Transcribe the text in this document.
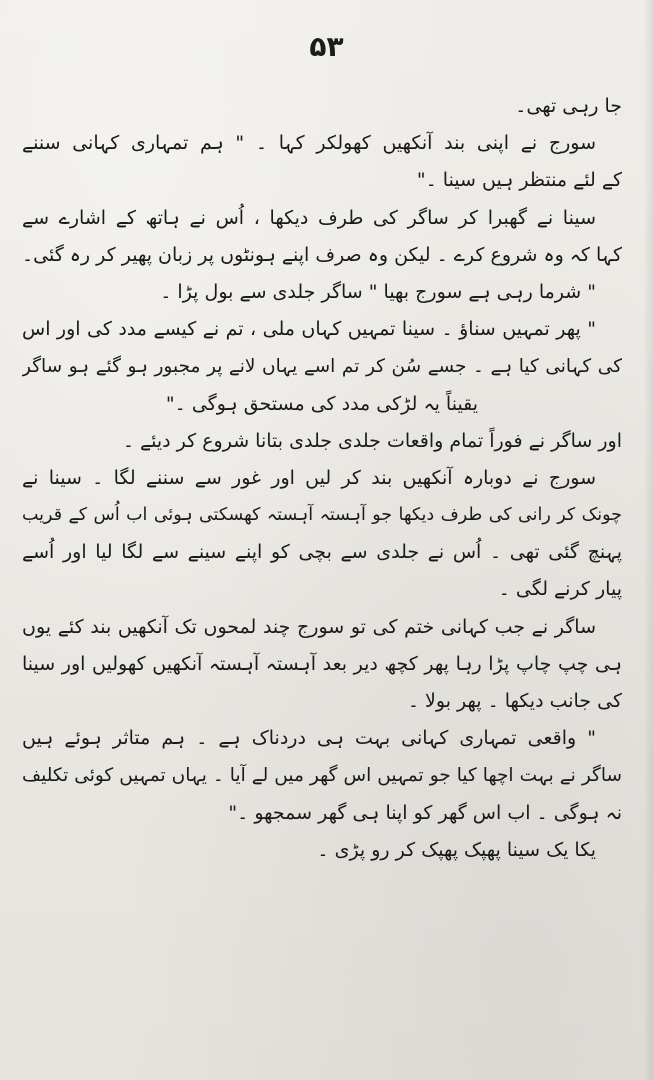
۵۳
جا رہی تھی۔
سورج نے اپنی بند آنکھیں کھولکر کہا ۔ " ہم تمہاری کہانی سننے
کے لئے منتظر ہیں سینا ۔"
سینا نے گھبرا کر ساگر کی طرف دیکھا ، اُس نے ہاتھ کے اشارے سے
کہا کہ وہ شروع کرے ۔ لیکن وہ صرف اپنے ہونٹوں پر زبان پھیر کر رہ گئی۔
" شرما رہی ہے سورج بھیا " ساگر جلدی سے بول پڑا ۔
" پھر تمہیں سناؤ ۔ سینا تمہیں کہاں ملی ، تم نے کیسے مدد کی اور اس
کی کہانی کیا ہے ۔ جسے سُن کر تم اسے یہاں لانے پر مجبور ہو گئے ہو ساگر
یقیناً یہ لڑکی مدد کی مستحق ہوگی ۔"
اور ساگر نے فوراً تمام واقعات جلدی جلدی بتانا شروع کر دیئے ۔
سورج نے دوبارہ آنکھیں بند کر لیں اور غور سے سننے لگا ۔ سینا نے
چونک کر رانی کی طرف دیکھا جو آہستہ آہستہ کھسکتی ہوئی اب اُس کے قریب
پہنچ گئی تھی ۔ اُس نے جلدی سے بچی کو اپنے سینے سے لگا لیا اور اُسے
پیار کرنے لگی ۔
ساگر نے جب کہانی ختم کی تو سورج چند لمحوں تک آنکھیں بند کئے یوں
ہی چپ چاپ پڑا رہا پھر کچھ دیر بعد آہستہ آہستہ آنکھیں کھولیں اور سینا
کی جانب دیکھا ۔ پھر بولا ۔
" واقعی تمہاری کہانی بہت ہی دردناک ہے ۔ ہم متاثر ہوئے ہیں
ساگر نے بہت اچھا کیا جو تمہیں اس گھر میں لے آیا ۔ یہاں تمہیں کوئی تکلیف
نہ ہوگی ۔ اب اس گھر کو اپنا ہی گھر سمجھو ۔"
یکا یک سینا پھپک پھپک کر رو پڑی ۔
